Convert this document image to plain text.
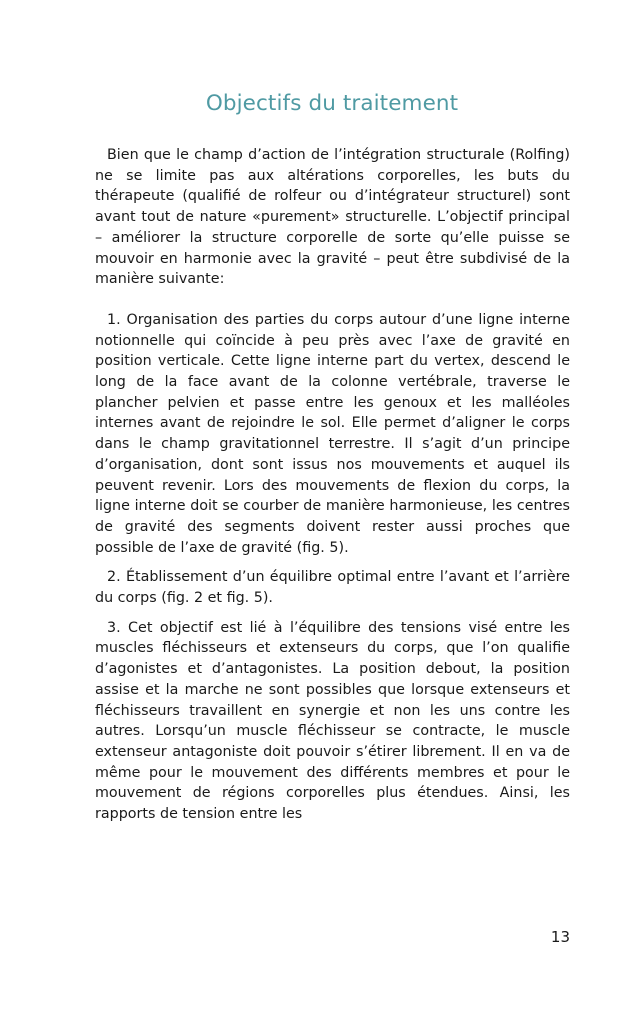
Objectifs du traitement

Bien que le champ d’action de l’intégration structurale (Rolfing) ne se limite pas aux altérations corporelles, les buts du thérapeute (qualifié de rolfeur ou d’intégrateur structurel) sont avant tout de nature «purement» structurelle. L’objectif principal – améliorer la structure corporelle de sorte qu’elle puisse se mouvoir en harmonie avec la gravité – peut être subdivisé de la manière suivante:

1. Organisation des parties du corps autour d’une ligne interne notionnelle qui coïncide à peu près avec l’axe de gravité en position verticale. Cette ligne interne part du vertex, descend le long de la face avant de la colonne vertébrale, traverse le plancher pelvien et passe entre les genoux et les malléoles internes avant de rejoindre le sol. Elle permet d’aligner le corps dans le champ gravitationnel terrestre. Il s’agit d’un principe d’organisation, dont sont issus nos mouvements et auquel ils peuvent revenir. Lors des mouvements de flexion du corps, la ligne interne doit se courber de manière harmonieuse, les centres de gravité des segments doivent rester aussi proches que possible de l’axe de gravité (fig. 5).

2. Établissement d’un équilibre optimal entre l’avant et l’arrière du corps (fig. 2 et fig. 5).

3. Cet objectif est lié à l’équilibre des tensions visé entre les muscles fléchisseurs et extenseurs du corps, que l’on qualifie d’agonistes et d’antagonistes. La position debout, la position assise et la marche ne sont possibles que lorsque extenseurs et fléchisseurs travaillent en synergie et non les uns contre les autres. Lorsqu’un muscle fléchisseur se contracte, le muscle extenseur antagoniste doit pouvoir s’étirer librement. Il en va de même pour le mouvement des différents membres et pour le mouvement de régions corporelles plus étendues. Ainsi, les rapports de tension entre les

13
